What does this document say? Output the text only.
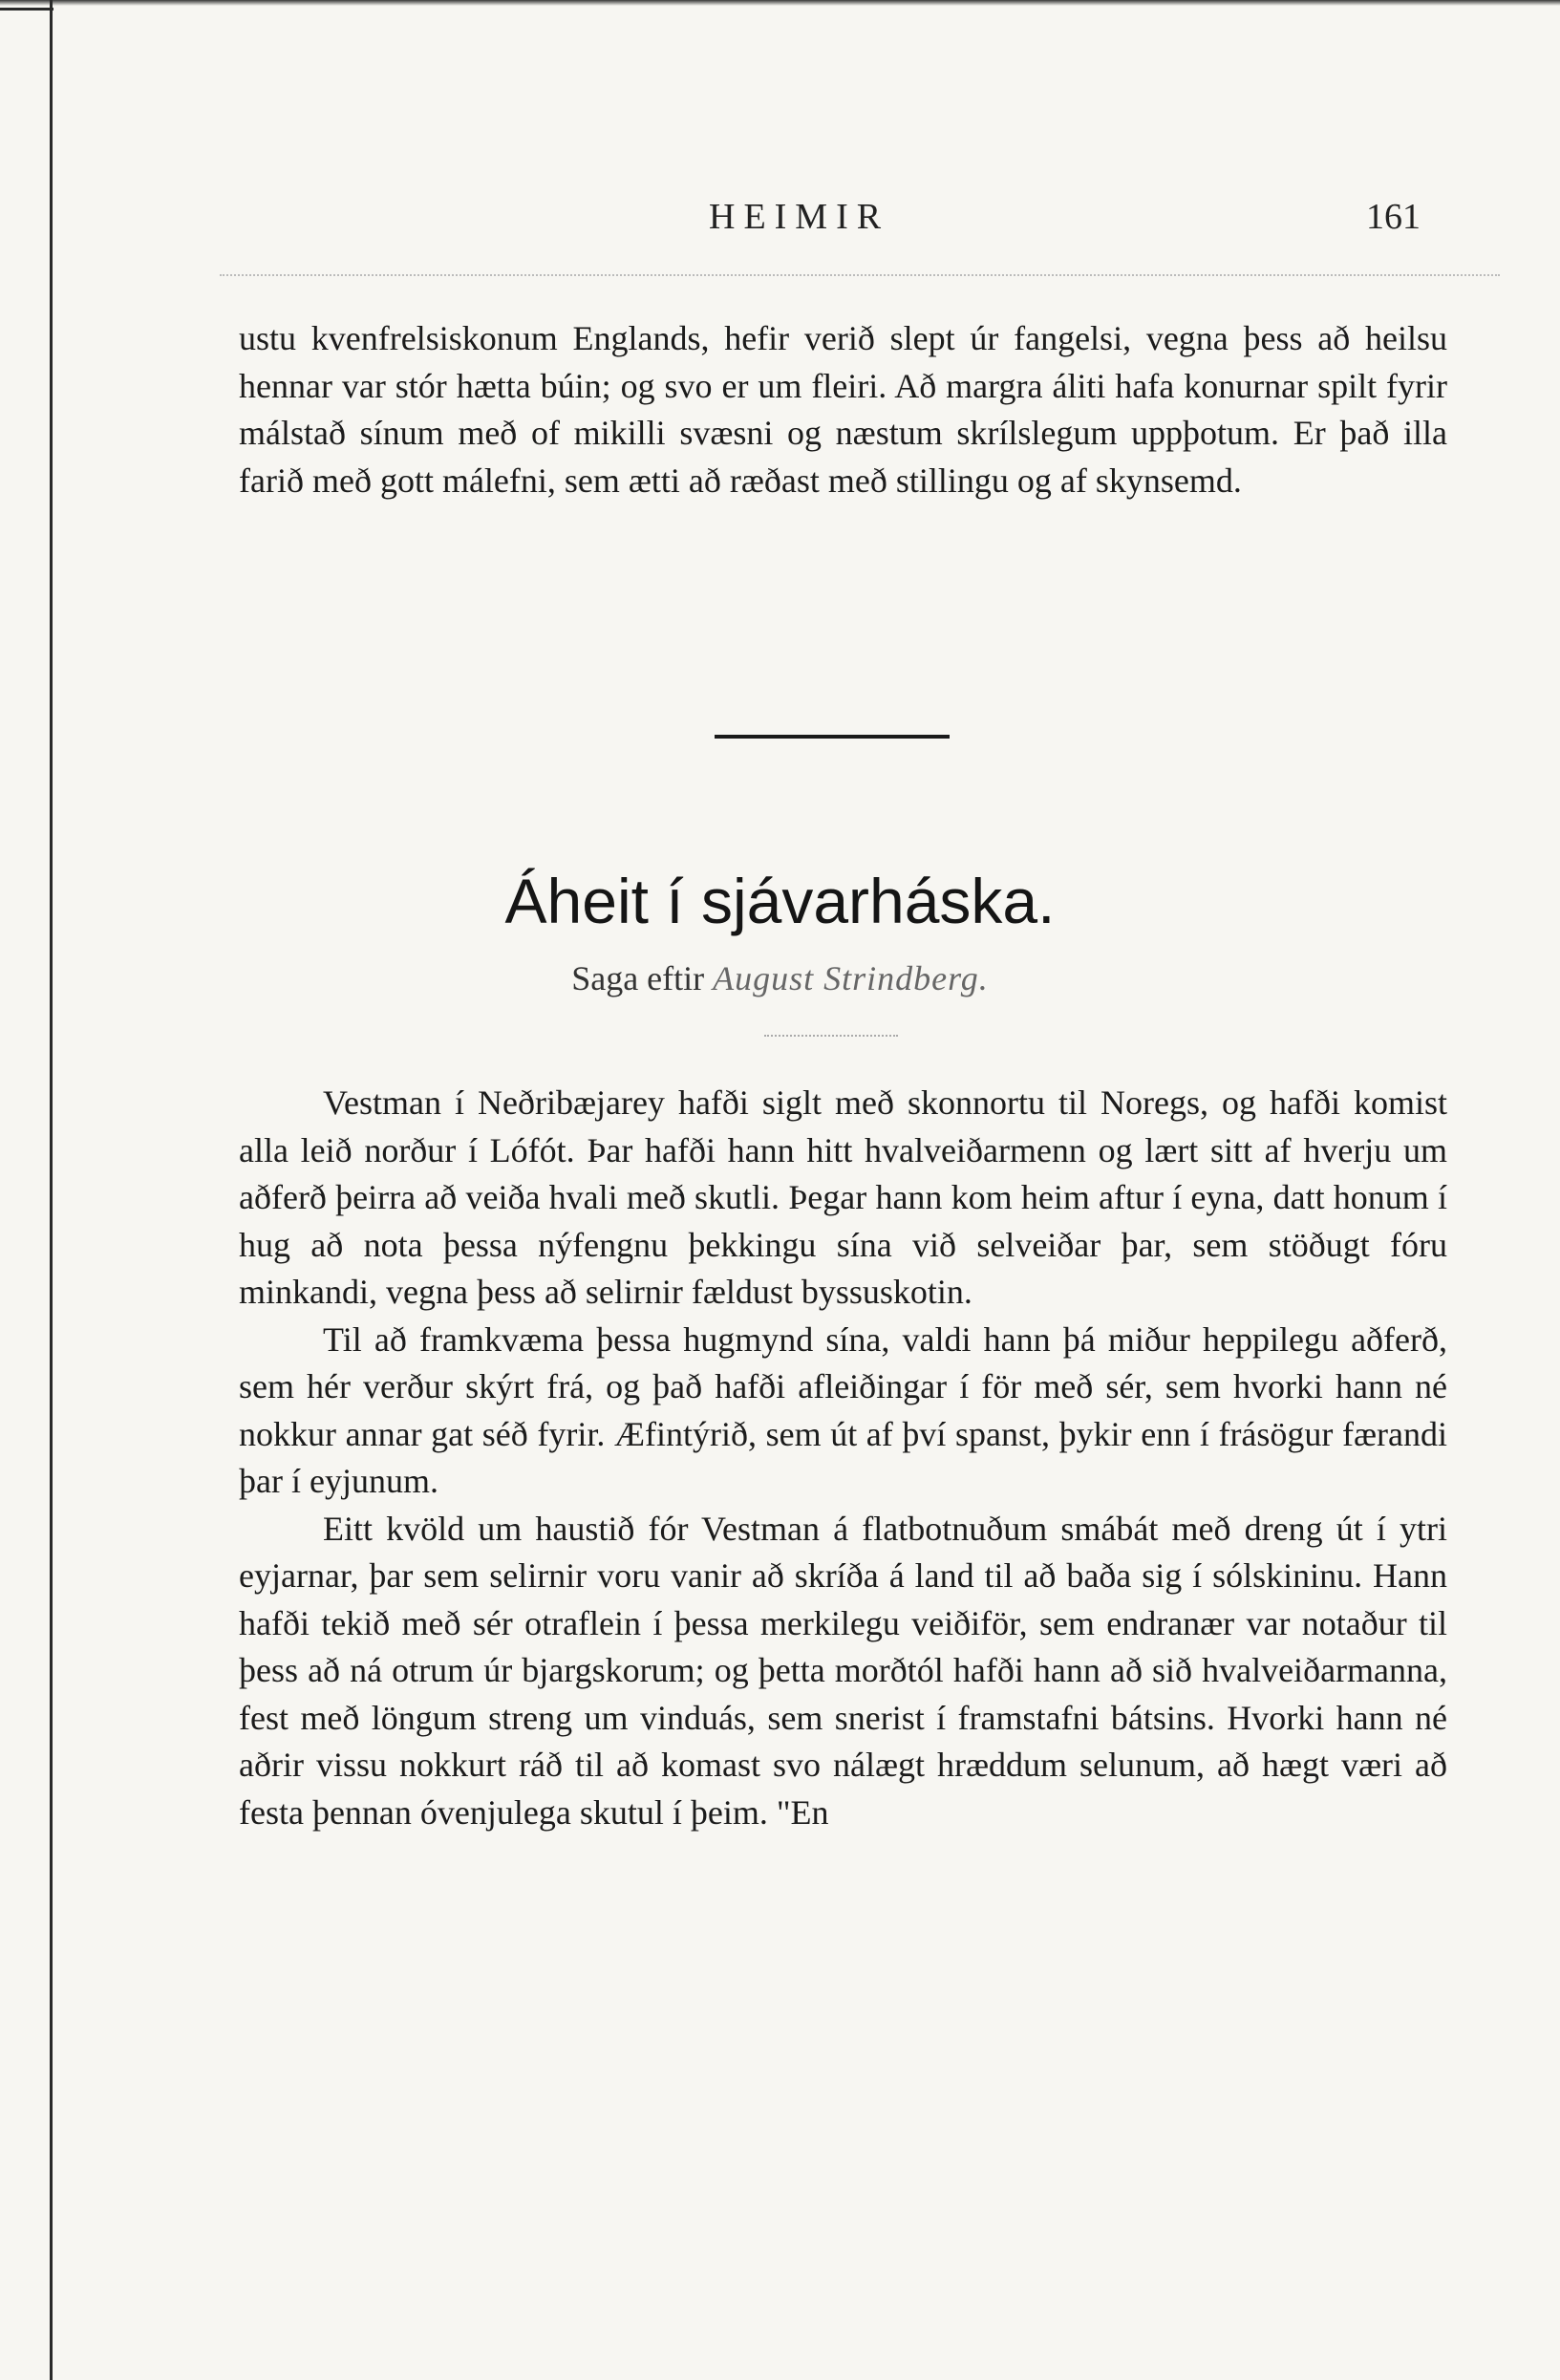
HEIMIR	161

ustu kvenfrelsiskonum Englands, hefir verið slept úr fangelsi, vegna þess að heilsu hennar var stór hætta búin; og svo er um fleiri. Að margra áliti hafa konurnar spilt fyrir málstað sínum með of mikilli svæsni og næstum skrílslegum uppþotum. Er það illa farið með gott málefni, sem ætti að ræðast með stillingu og af skynsemd.

Áheit í sjávarháska.
Saga eftir August Strindberg.

Vestman í Neðribæjarey hafði siglt með skonnortu til Noregs, og hafði komist alla leið norður í Lófót. Þar hafði hann hitt hvalveiðarmenn og lært sitt af hverju um aðferð þeirra að veiða hvali með skutli. Þegar hann kom heim aftur í eyna, datt honum í hug að nota þessa nýfengnu þekkingu sína við selveiðar þar, sem stöðugt fóru minkandi, vegna þess að selirnir fældust byssuskotin.

Til að framkvæma þessa hugmynd sína, valdi hann þá miður heppilegu aðferð, sem hér verður skýrt frá, og það hafði afleiðingar í för með sér, sem hvorki hann né nokkur annar gat séð fyrir. Æfintýrið, sem út af því spanst, þykir enn í frásögur færandi þar í eyjunum.

Eitt kvöld um haustið fór Vestman á flatbotnuðum smábát með dreng út í ytri eyjarnar, þar sem selirnir voru vanir að skríða á land til að baða sig í sólskininu. Hann hafði tekið með sér otraflein í þessa merkilegu veiðiför, sem endranær var notaður til þess að ná otrum úr bjargskorum; og þetta morðtól hafði hann að sið hvalveiðarmanna, fest með löngum streng um vinduás, sem snerist í framstafni bátsins. Hvorki hann né aðrir vissu nokkurt ráð til að komast svo nálægt hræddum selunum, að hægt væri að festa þennan óvenjulega skutul í þeim. "En
